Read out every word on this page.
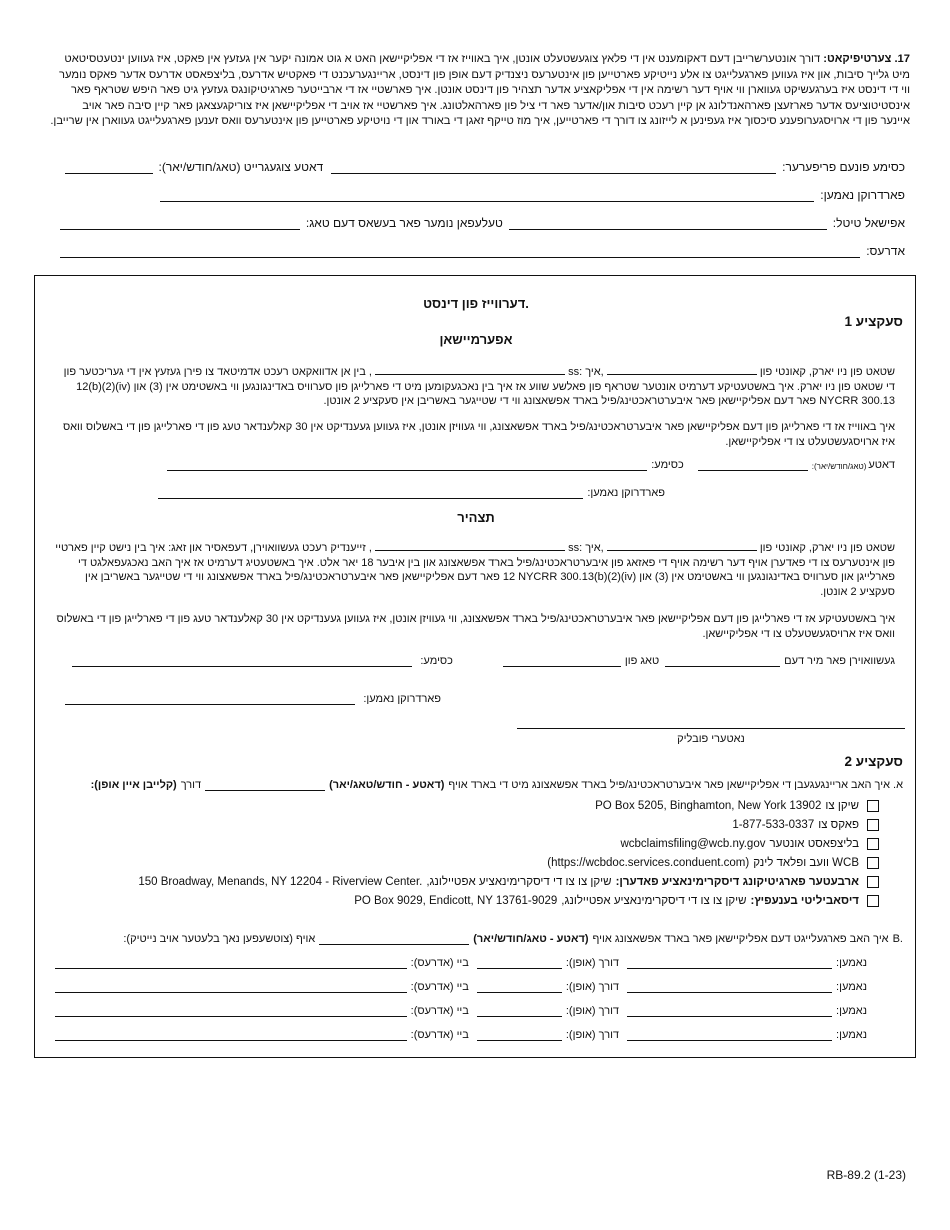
17. צערטיפיקאט: דורך אונטערשרייבן דעם דאקומענט אין די פלאץ צוגעשטעלט אונטן, איך באווייז אז די אפליקיישאן האט א גוט אמונה יקער אין געזעץ אין פאקט, איז געווען ינטעטסיטאט מיט גלייך סיבות, און איז געווען פארגעלייגט צו אלע נייטיקע פארטייען פון אינטערעס ניצנדיק דעם אופן פון דינסט, אריינגערעכנט די פאקטיש אדרעס, בליצפאסט אדרעס אדער פאקס נומער ווי די דינסט איז בערגעשיקט געווארן ווי אויף דער רשימה אין די אפליקאציע אדער תצהיר פון דינסט אונטן. איך פארשטיי אז די ארבייטער פארגיטיקונגס געזעץ גיט פאר היפש שטראף פאר אינסטיטוציעס אדער פארזעצן פארהאנדלונג אן קיין רעכט סיבות און/אדער פאר די ציל פון פארהאלטונג. איך פארשטיי אז אויב די אפליקיישאן איז צוריקגעצאגן פאר קיין סיבה פאר אויב איינער פון די ארויסגערופענע סיכסוך איז געפינען א לייזונג צו דורך די פארטייען, איך מוז טייקף זאגן די באורד און די נויטיקע פארטייען פון אינטערעס וואס זענען פארגעלייגט געווארן אין שרייבן.
כסימע פונעם פריפערער:
דאטע צוגעגרייט (טאג/חודש/יאר):
פארדרוקן נאמען:
אפישאל טיטל:
טעלעפאן נומער פאר בעשאס דעם טאג:
אדרעס:
דערווייז פון דינסט.
סעקציע 1
אפערמיישאן
שטאט פון ניו יארק, קאונטי פון  ss: איך,  , בין אן אדוואקאט רעכט אדמיטאד צו פירן געזעץ אין די געריכטער פון די שטאט פון ניו יארק. איך באשטעטיקע דערמיט אונטער שטראף פון פאלשע שווע אז איך בין נאכגעקומען מיט די פארלייגן פון סערוויס באדינגונגען ווי באשטימט אין (3) און (iv)(2)(b)12 NYCRR 300.13 פאר דעם אפליקיישאן פאר איבערטראכטינג/פיל בארד אפשאצונג ווי די שטייגער באשריבן אין סעקציע 2 אונטן.
איך באווייז אז די פארלייגן פון דעם אפליקיישאן פאר איבערטראכטינג/פיל בארד אפשאצונג, ווי געוויזן אונטן, איז געווען געענדיקט אין 30 קאלענדאר טעג פון די פארלייגן פון די באשלוס וואס איז ארויסגעשטעלט צו די אפליקיישאן.
דאטע
(טאג/חודש/יאר):
כסימע:
פארדרוקן נאמען:
תצהיר
שטאט פון ניו יארק, קאונטי פון  ss: איך,  , זייענדיק רעכט געשוואוירן, דעפאסיר און זאג: איך בין נישט קיין פארטיי פון אינטערעס צו די פאדערן אויף דער רשימה אויף די פאזאג פון איבערטראכטינג/פיל בארד אפשאצונג און בין איבער 18 יאר אלט. איך באשטעטיג דערמיט אז איך האב נאכגעפאלגט די פארלייגן און סערוויס באדינגונגען ווי באשטימט אין (3) און (iv)(2)(b)12 NYCRR 300.13 פאר דעם אפליקיישאן פאר איבערטראכטינג/פיל בארד אפשאצונג ווי די שטייגער באשריבן אין סעקציע 2 אונטן.
איך באשטעטיקע אז די פארלייגן פון דעם אפליקיישאן פאר איבערטראכטינג/פיל בארד אפשאצונג, ווי געוויזן אונטן, איז געווען געענדיקט אין 30 קאלענדאר טעג פון די פארלייגן פון די באשלוס וואס איז ארויסגעשטעלט צו די אפליקיישאן.
געשוואוירן פאר מיר דעם
טאג פון
כסימע:
פארדרוקן נאמען:
נאטערי פובליק
סעקציע 2
א. איך האב אריינגעגעבן די אפליקיישאן פאר איבערטראכטינג/פיל בארד אפשאצונג מיט די בארד אויף
(דאטע - חודש/טאג/יאר)
דורך
(קלייבן איין אופן):
שיקן צו
PO Box 5205, Binghamton, New York 13902
פאקס צו
1-877-533-0337
בליצפאסט אונטער
wcbclaimsfiling@wcb.ny.gov
WCB וועב ופלאד לינק
(https://wcbdoc.services.conduent.com)
ארבעטער פארגיטיקונג דיסקרימינאציע פאדערן:
שיקן צו צו די דיסקרימינאציע אפטיילונג,
150 Broadway, Menands, NY 12204 - Riverview Center.
דיסאביליטי בענעפיץ:
שיקן צו צו די דיסקרימינאציע אפטיילונג,
PO Box 9029, Endicott, NY 13761-9029
B.
איך האב פארגעלייגט דעם אפליקיישאן פאר בארד אפשאצונג אויף
(דאטע - טאג/חודש/יאר)
אויף (צוטשעפען נאך בלעטער אויב נייטיק):
נאמען:
דורך (אופן):
ביי (אדרעס):
נאמען:
דורך (אופן):
ביי (אדרעס):
נאמען:
דורך (אופן):
ביי (אדרעס):
נאמען:
דורך (אופן):
ביי (אדרעס):
RB-89.2 (1-23)
